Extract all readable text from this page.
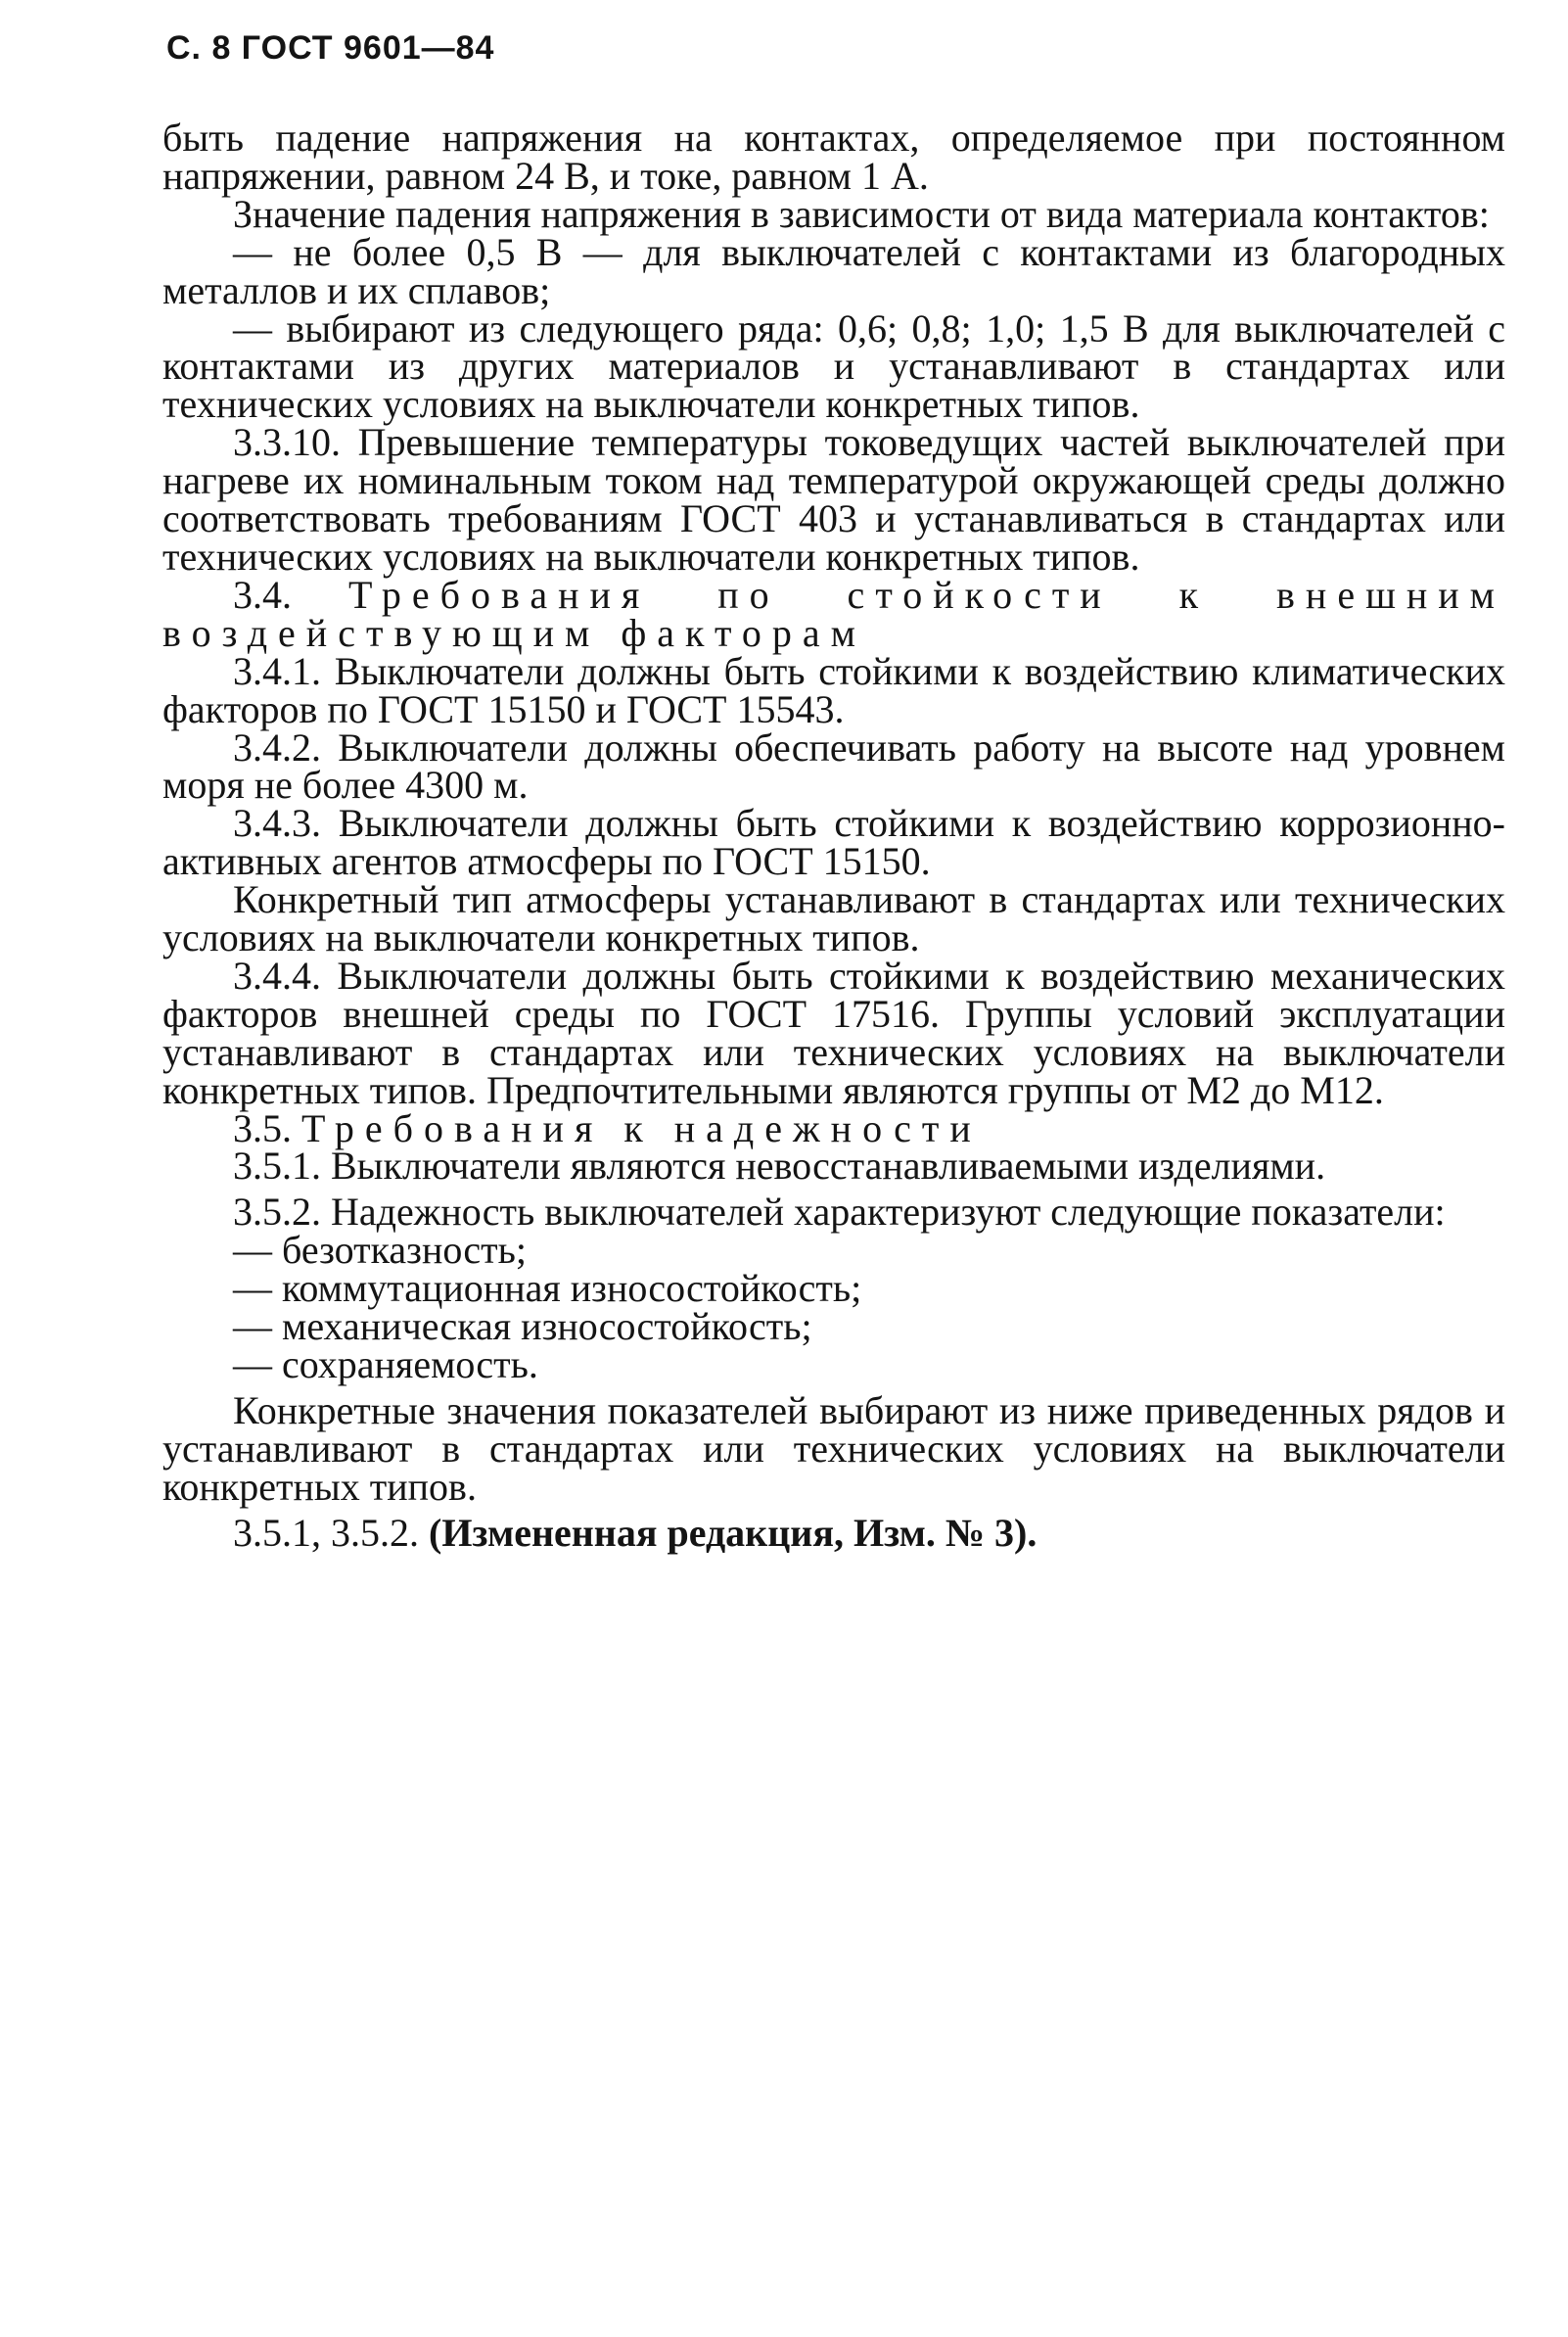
С. 8 ГОСТ 9601—84

быть падение напряжения на контактах, определяемое при постоянном напряжении, равном 24 В, и токе, равном 1 А.

Значение падения напряжения в зависимости от вида материала контактов:

— не более 0,5 В — для выключателей с контактами из благородных металлов и их сплавов;

— выбирают из следующего ряда: 0,6; 0,8; 1,0; 1,5 В для выключателей с контактами из других материалов и устанавливают в стандартах или технических условиях на выключатели конкретных типов.

3.3.10. Превышение температуры токоведущих частей выключателей при нагреве их номинальным током над температурой окружающей среды должно соответствовать требованиям ГОСТ 403 и устанавливаться в стандартах или технических условиях на выключатели конкретных типов.

3.4. Требования по стойкости к внешним воздействующим факторам

3.4.1. Выключатели должны быть стойкими к воздействию климатических факторов по ГОСТ 15150 и ГОСТ 15543.

3.4.2. Выключатели должны обеспечивать работу на высоте над уровнем моря не более 4300 м.

3.4.3. Выключатели должны быть стойкими к воздействию коррозионно-активных агентов атмосферы по ГОСТ 15150.

Конкретный тип атмосферы устанавливают в стандартах или технических условиях на выключатели конкретных типов.

3.4.4. Выключатели должны быть стойкими к воздействию механических факторов внешней среды по ГОСТ 17516. Группы условий эксплуатации устанавливают в стандартах или технических условиях на выключатели конкретных типов. Предпочтительными являются группы от М2 до М12.

3.5. Требования к надежности

3.5.1. Выключатели являются невосстанавливаемыми изделиями.

3.5.2. Надежность выключателей характеризуют следующие показатели:

— безотказность;

— коммутационная износостойкость;

— механическая износостойкость;

— сохраняемость.

Конкретные значения показателей выбирают из ниже приведенных рядов и устанавливают в стандартах или технических условиях на выключатели конкретных типов.

3.5.1, 3.5.2. (Измененная редакция, Изм. № 3).
